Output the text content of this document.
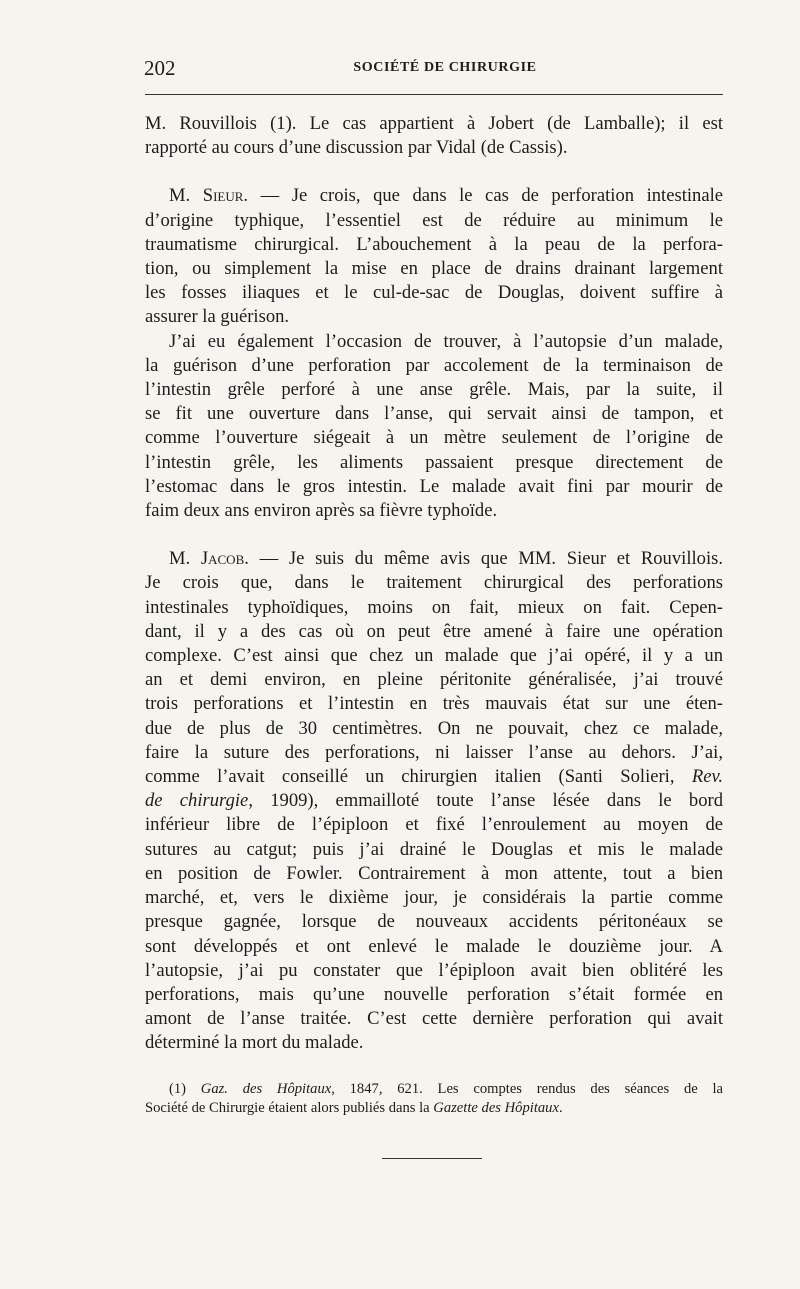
202	SOCIÉTÉ DE CHIRURGIE
M. Rouvillois (1). Le cas appartient à Jobert (de Lamballe); il est
rapporté au cours d’une discussion par Vidal (de Cassis).
M. Sieur. — Je crois, que dans le cas de perforation intestinale
d’origine typhique, l’essentiel est de réduire au minimum le
traumatisme chirurgical. L’abouchement à la peau de la perfora-
tion, ou simplement la mise en place de drains drainant largement
les fosses iliaques et le cul-de-sac de Douglas, doivent suffire à
assurer la guérison.
J’ai eu également l’occasion de trouver, à l’autopsie d’un malade,
la guérison d’une perforation par accolement de la terminaison de
l’intestin grêle perforé à une anse grêle. Mais, par la suite, il
se fit une ouverture dans l’anse, qui servait ainsi de tampon, et
comme l’ouverture siégeait à un mètre seulement de l’origine de
l’intestin grêle, les aliments passaient presque directement de
l’estomac dans le gros intestin. Le malade avait fini par mourir de
faim deux ans environ après sa fièvre typhoïde.
M. Jacob. — Je suis du même avis que MM. Sieur et Rouvillois.
Je crois que, dans le traitement chirurgical des perforations
intestinales typhoïdiques, moins on fait, mieux on fait. Cepen-
dant, il y a des cas où on peut être amené à faire une opération
complexe. C’est ainsi que chez un malade que j’ai opéré, il y a un
an et demi environ, en pleine péritonite généralisée, j’ai trouvé
trois perforations et l’intestin en très mauvais état sur une éten-
due de plus de 30 centimètres. On ne pouvait, chez ce malade,
faire la suture des perforations, ni laisser l’anse au dehors. J’ai,
comme l’avait conseillé un chirurgien italien (Santi Solieri, Rev.
de chirurgie, 1909), emmailloté toute l’anse lésée dans le bord
inférieur libre de l’épiploon et fixé l’enroulement au moyen de
sutures au catgut; puis j’ai drainé le Douglas et mis le malade
en position de Fowler. Contrairement à mon attente, tout a bien
marché, et, vers le dixième jour, je considérais la partie comme
presque gagnée, lorsque de nouveaux accidents péritonéaux se
sont développés et ont enlevé le malade le douzième jour. A
l’autopsie, j’ai pu constater que l’épiploon avait bien oblitéré les
perforations, mais qu’une nouvelle perforation s’était formée en
amont de l’anse traitée. C’est cette dernière perforation qui avait
déterminé la mort du malade.
(1) Gaz. des Hôpitaux, 1847, 621. Les comptes rendus des séances de la
Société de Chirurgie étaient alors publiés dans la Gazette des Hôpitaux.
